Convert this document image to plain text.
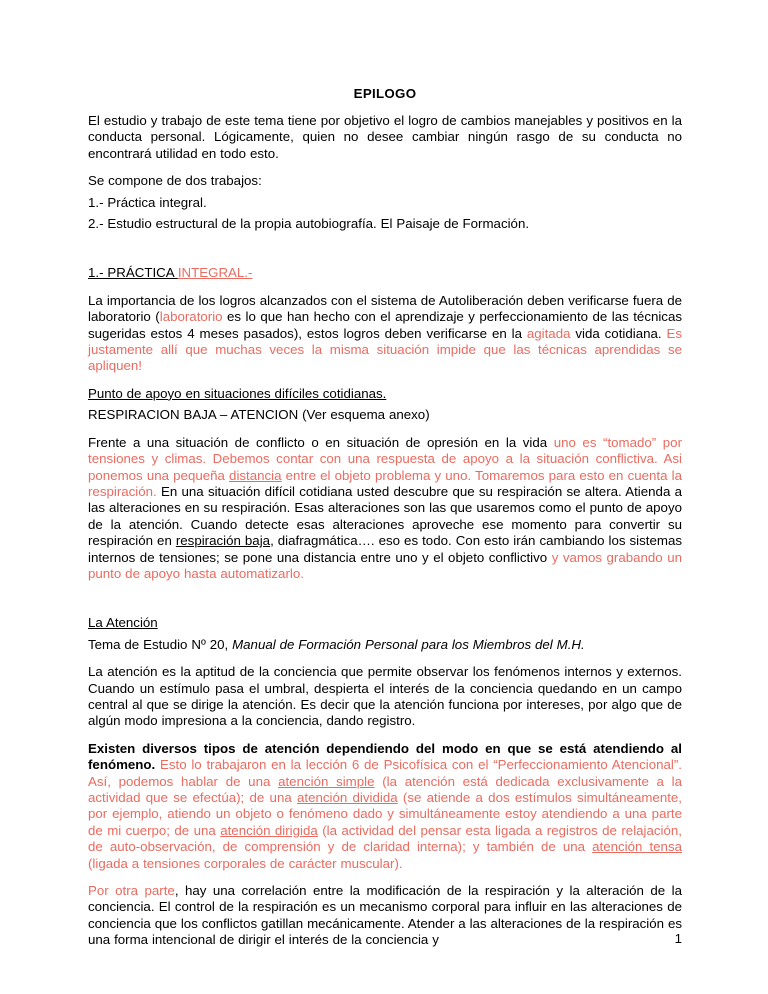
EPILOGO

El estudio y trabajo de este tema tiene por objetivo el logro de cambios manejables y positivos en la conducta personal. Lógicamente, quien no desee cambiar ningún rasgo de su conducta no encontrará utilidad en todo esto.

Se compone de dos trabajos:

1.- Práctica integral.

2.- Estudio estructural de la propia autobiografía. El Paisaje de Formación.

1.- PRÁCTICA INTEGRAL.-

La importancia de los logros alcanzados con el sistema de Autoliberación deben verificarse fuera de laboratorio (laboratorio es lo que han hecho con el aprendizaje y perfeccionamiento de las técnicas sugeridas estos 4 meses pasados), estos logros deben verificarse en la agitada vida cotidiana. Es justamente allí que muchas veces la misma situación impide que las técnicas aprendidas se apliquen!

Punto de apoyo en situaciones difíciles cotidianas.

RESPIRACION BAJA – ATENCION (Ver esquema anexo)

Frente a una situación de conflicto o en situación de opresión en la vida uno es “tomado” por tensiones y climas. Debemos contar con una respuesta de apoyo a la situación conflictiva. Asi ponemos una pequeña distancia entre el objeto problema y uno. Tomaremos para esto en cuenta la respiración. En una situación difícil cotidiana usted descubre que su respiración se altera. Atienda a las alteraciones en su respiración. Esas alteraciones son las que usaremos como el punto de apoyo de la atención. Cuando detecte esas alteraciones aproveche ese momento para convertir su respiración en respiración baja, diafragmática…. eso es todo. Con esto irán cambiando los sistemas internos de tensiones; se pone una distancia entre uno y el objeto conflictivo y vamos grabando un punto de apoyo hasta automatizarlo.

La Atención

Tema de Estudio Nº 20, Manual de Formación Personal para los Miembros del M.H.

La atención es la aptitud de la conciencia que permite observar los fenómenos internos y externos. Cuando un estímulo pasa el umbral, despierta el interés de la conciencia quedando en un campo central al que se dirige la atención. Es decir que la atención funciona por intereses, por algo que de algún modo impresiona a la conciencia, dando registro.

Existen diversos tipos de atención dependiendo del modo en que se está atendiendo al fenómeno. Esto lo trabajaron en la lección 6 de Psicofísica con el “Perfeccionamiento Atencional”. Así, podemos hablar de una atención simple (la atención está dedicada exclusivamente a la actividad que se efectúa); de una atención dividida (se atiende a dos estímulos simultáneamente, por ejemplo, atiendo un objeto o fenómeno dado y simultáneamente estoy atendiendo a una parte de mi cuerpo; de una atención dirigida (la actividad del pensar esta ligada a registros de relajación, de auto-observación, de comprensión y de claridad interna); y también de una atención tensa (ligada a tensiones corporales de carácter muscular).

Por otra parte, hay una correlación entre la modificación de la respiración y la alteración de la conciencia. El control de la respiración es un mecanismo corporal para influir en las alteraciones de conciencia que los conflictos gatillan mecánicamente. Atender a las alteraciones de la respiración es una forma intencional de dirigir el interés de la conciencia y	1
